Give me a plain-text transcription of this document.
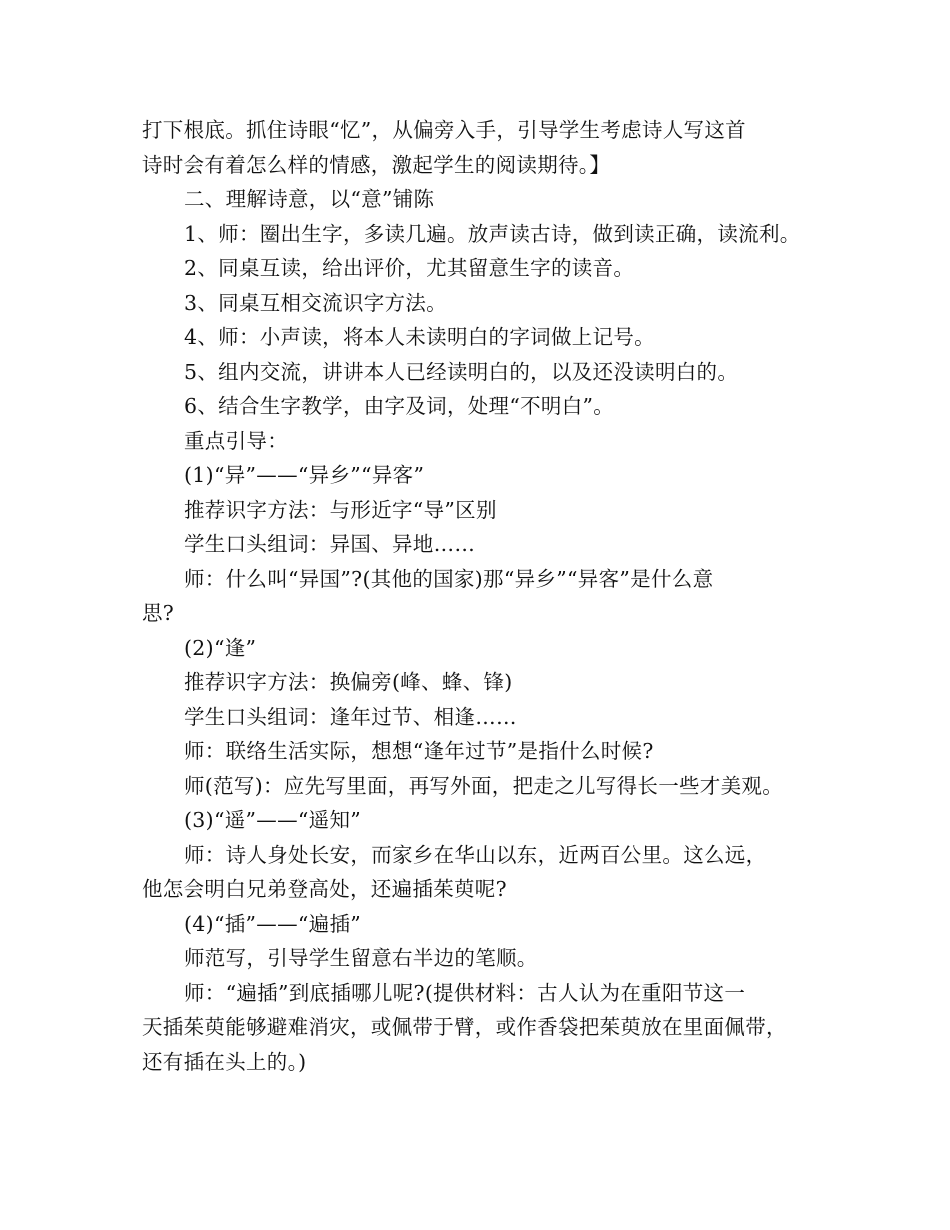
打下根底。抓住诗眼“忆”，从偏旁入手，引导学生考虑诗人写这首
诗时会有着怎么样的情感，激起学生的阅读期待。】
二、理解诗意，以“意”铺陈
1、师：圈出生字，多读几遍。放声读古诗，做到读正确，读流利。
2、同桌互读，给出评价，尤其留意生字的读音。
3、同桌互相交流识字方法。
4、师：小声读，将本人未读明白的字词做上记号。
5、组内交流，讲讲本人已经读明白的，以及还没读明白的。
6、结合生字教学，由字及词，处理“不明白”。
重点引导：
(1)“异”——“异乡”“异客”
推荐识字方法：与形近字“导”区别
学生口头组词：异国、异地……
师：什么叫“异国”?(其他的国家)那“异乡”“异客”是什么意
思?
(2)“逢”
推荐识字方法：换偏旁(峰、蜂、锋)
学生口头组词：逢年过节、相逢……
师：联络生活实际，想想“逢年过节”是指什么时候?
师(范写)：应先写里面，再写外面，把走之儿写得长一些才美观。
(3)“遥”——“遥知”
师：诗人身处长安，而家乡在华山以东，近两百公里。这么远，
他怎会明白兄弟登高处，还遍插茱萸呢?
(4)“插”——“遍插”
师范写，引导学生留意右半边的笔顺。
师：“遍插”到底插哪儿呢?(提供材料：古人认为在重阳节这一
天插茱萸能够避难消灾，或佩带于臂，或作香袋把茱萸放在里面佩带，
还有插在头上的。)
